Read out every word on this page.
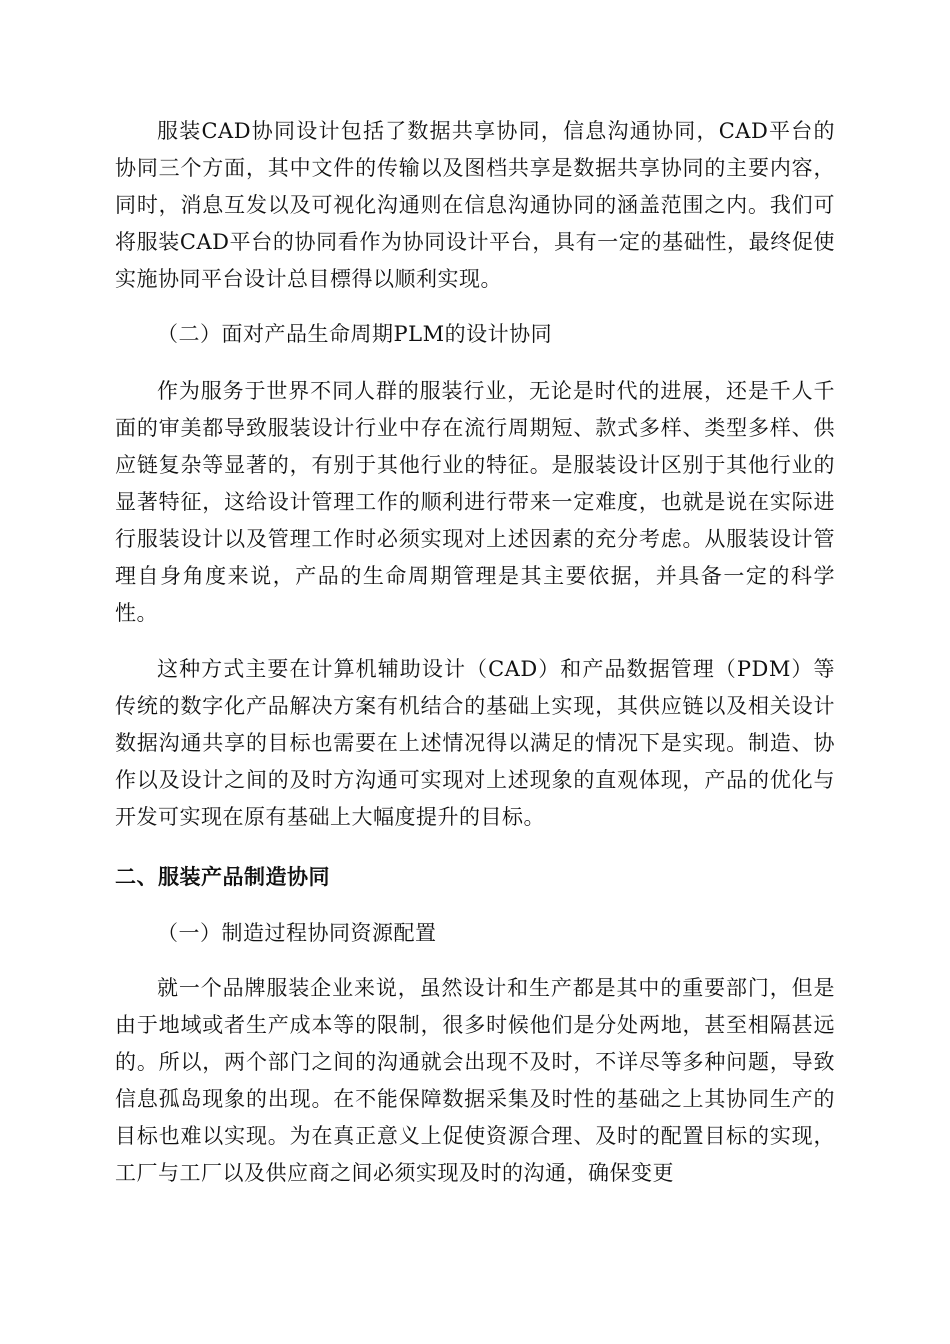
服装CAD协同设计包括了数据共享协同，信息沟通协同，CAD平台的协同三个方面，其中文件的传输以及图档共享是数据共享协同的主要内容，同时，消息互发以及可视化沟通则在信息沟通协同的涵盖范围之内。我们可将服装CAD平台的协同看作为协同设计平台，具有一定的基础性，最终促使实施协同平台设计总目標得以顺利实现。

（二）面对产品生命周期PLM的设计协同

作为服务于世界不同人群的服装行业，无论是时代的进展，还是千人千面的审美都导致服装设计行业中存在流行周期短、款式多样、类型多样、供应链复杂等显著的，有别于其他行业的特征。是服装设计区别于其他行业的显著特征，这给设计管理工作的顺利进行带来一定难度，也就是说在实际进行服装设计以及管理工作时必须实现对上述因素的充分考虑。从服装设计管理自身角度来说，产品的生命周期管理是其主要依据，并具备一定的科学性。

这种方式主要在计算机辅助设计（CAD）和产品数据管理（PDM）等传统的数字化产品解决方案有机结合的基础上实现，其供应链以及相关设计数据沟通共享的目标也需要在上述情况得以满足的情况下是实现。制造、协作以及设计之间的及时方沟通可实现对上述现象的直观体现，产品的优化与开发可实现在原有基础上大幅度提升的目标。

二、服装产品制造协同

（一）制造过程协同资源配置

就一个品牌服装企业来说，虽然设计和生产都是其中的重要部门，但是由于地域或者生产成本等的限制，很多时候他们是分处两地，甚至相隔甚远的。所以，两个部门之间的沟通就会出现不及时，不详尽等多种问题，导致信息孤岛现象的出现。在不能保障数据采集及时性的基础之上其协同生产的目标也难以实现。为在真正意义上促使资源合理、及时的配置目标的实现，工厂与工厂以及供应商之间必须实现及时的沟通，确保变更
